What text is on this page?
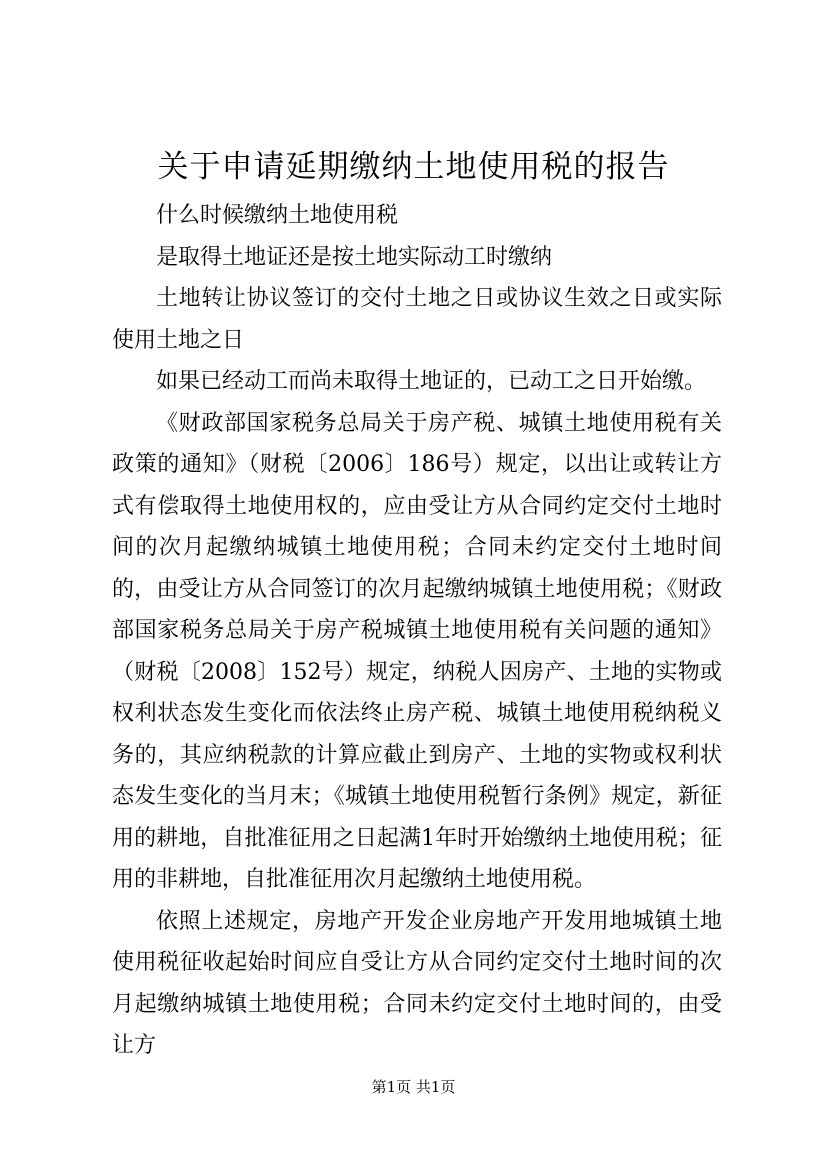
关于申请延期缴纳土地使用税的报告

什么时候缴纳土地使用税

是取得土地证还是按土地实际动工时缴纳

土地转让协议签订的交付土地之日或协议生效之日或实际使用土地之日

如果已经动工而尚未取得土地证的，已动工之日开始缴。

《财政部国家税务总局关于房产税、城镇土地使用税有关政策的通知》（财税〔2006〕186号）规定，以出让或转让方式有偿取得土地使用权的，应由受让方从合同约定交付土地时间的次月起缴纳城镇土地使用税；合同未约定交付土地时间的，由受让方从合同签订的次月起缴纳城镇土地使用税；《财政部国家税务总局关于房产税城镇土地使用税有关问题的通知》（财税〔2008〕152号）规定，纳税人因房产、土地的实物或权利状态发生变化而依法终止房产税、城镇土地使用税纳税义务的，其应纳税款的计算应截止到房产、土地的实物或权利状态发生变化的当月末；《城镇土地使用税暂行条例》规定，新征用的耕地，自批准征用之日起满1年时开始缴纳土地使用税；征用的非耕地，自批准征用次月起缴纳土地使用税。

依照上述规定，房地产开发企业房地产开发用地城镇土地使用税征收起始时间应自受让方从合同约定交付土地时间的次月起缴纳城镇土地使用税；合同未约定交付土地时间的，由受让方

第1页 共1页
